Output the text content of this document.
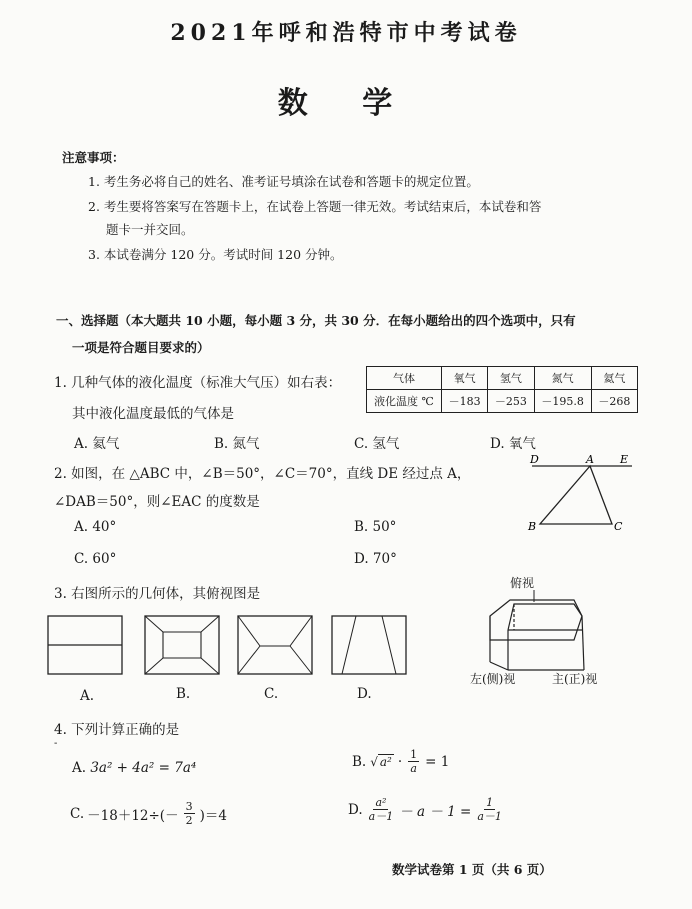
2021年呼和浩特市中考试卷
数 学
注意事项：
1. 考生务必将自己的姓名、准考证号填涂在试卷和答题卡的规定位置。
2. 考生要将答案写在答题卡上，在试卷上答题一律无效。考试结束后，本试卷和答
题卡一并交回。
3. 本试卷满分 120 分。考试时间 120 分钟。
一、选择题（本大题共 10 小题，每小题 3 分，共 30 分．在每小题给出的四个选项中，只有
一项是符合题目要求的）
1. 几种气体的液化温度（标准大气压）如右表：
其中液化温度最低的气体是
气体	氧气	氢气	氮气	氦气
液化温度 ℃	－183	－253	－195.8	－268
A. 氦气	B. 氮气	C. 氢气	D. 氧气
2. 如图，在 △ABC 中，∠B＝50°，∠C＝70°，直线 DE 经过点 A，
∠DAB＝50°，则∠EAC 的度数是
A. 40°	B. 50°
C. 60°	D. 70°
D	A E
B	C
3. 右图所示的几何体，其俯视图是
A.	B.	C.	D.
俯视
左(侧)视	主(正)视
4. 下列计算正确的是
‐
A. 3a² + 4a² = 7a⁴	B. √ $a^2 \cdot \frac{1}{a} = 1$
C. $-18+12\div(- \frac{3}{2} )=4$	D. $\frac{\text{a²}}{a-1} - a - 1 = \frac{1}{a-1}$
数学试卷第 1 页（共 6 页）
